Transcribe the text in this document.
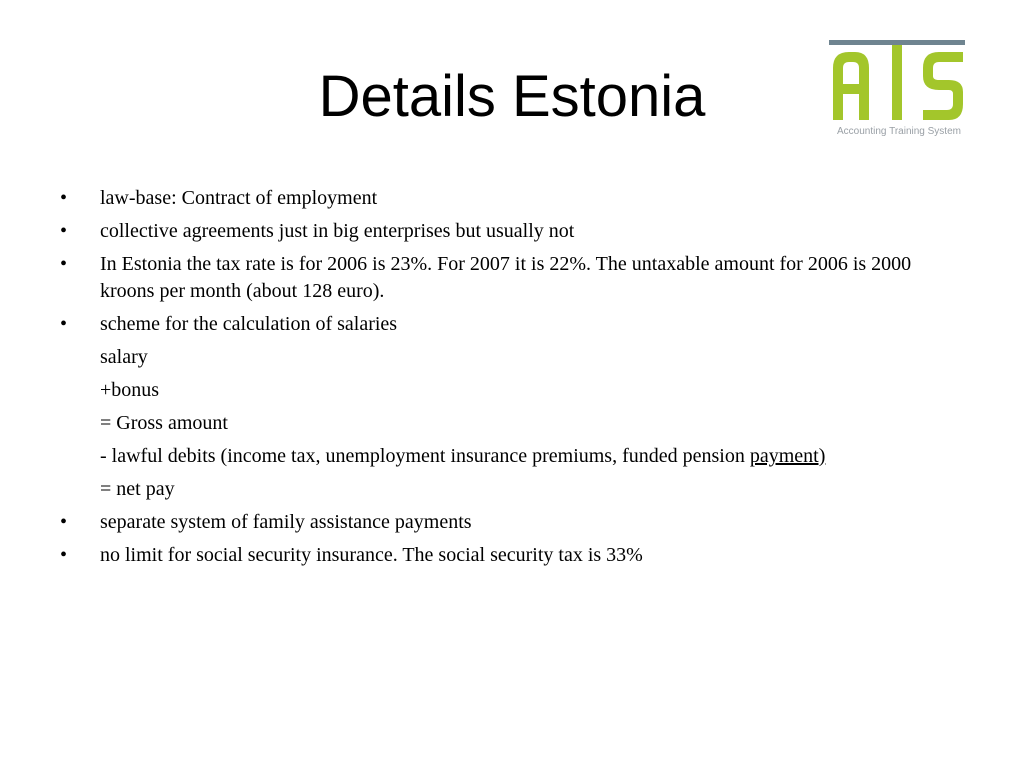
Details Estonia
Accounting Training System
•	law-base: Contract of employment
•	collective agreements just in big enterprises but usually not
•	In Estonia the tax rate is for 2006 is 23%. For 2007 it is 22%. The untaxable amount for 2006 is 2000 kroons per month (about 128 euro).
•	scheme for the calculation of salaries
salary
+bonus
= Gross amount
- lawful debits (income tax, unemployment insurance premiums, funded pension payment)
= net pay
•	separate system of family assistance payments
•	no limit for social security insurance. The social security tax is 33%
